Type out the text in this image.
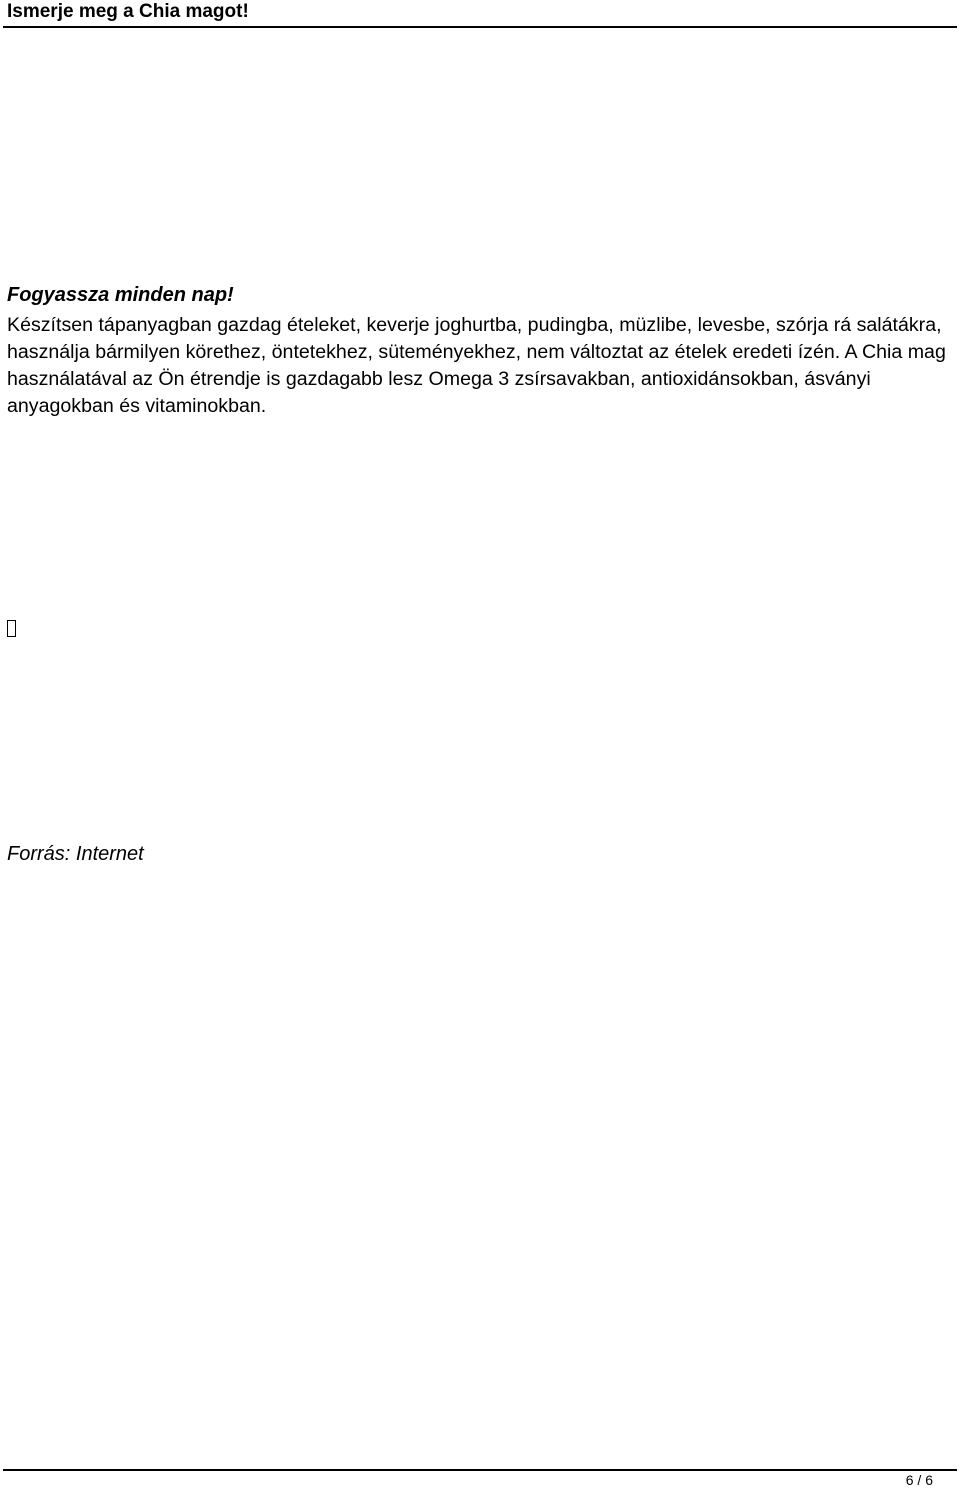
Ismerje meg a Chia magot!
Fogyassza minden nap!

Készítsen tápanyagban gazdag ételeket, keverje joghurtba, pudingba, müzlibe, levesbe, szórja rá salátákra, használja bármilyen körethez, öntetekhez, süteményekhez, nem változtat az ételek eredeti ízén. A Chia mag használatával az Ön étrendje is gazdagabb lesz Omega 3 zsírsavakban, antioxidánsokban, ásványi anyagokban és vitaminokban.

Forrás: Internet
6 / 6
